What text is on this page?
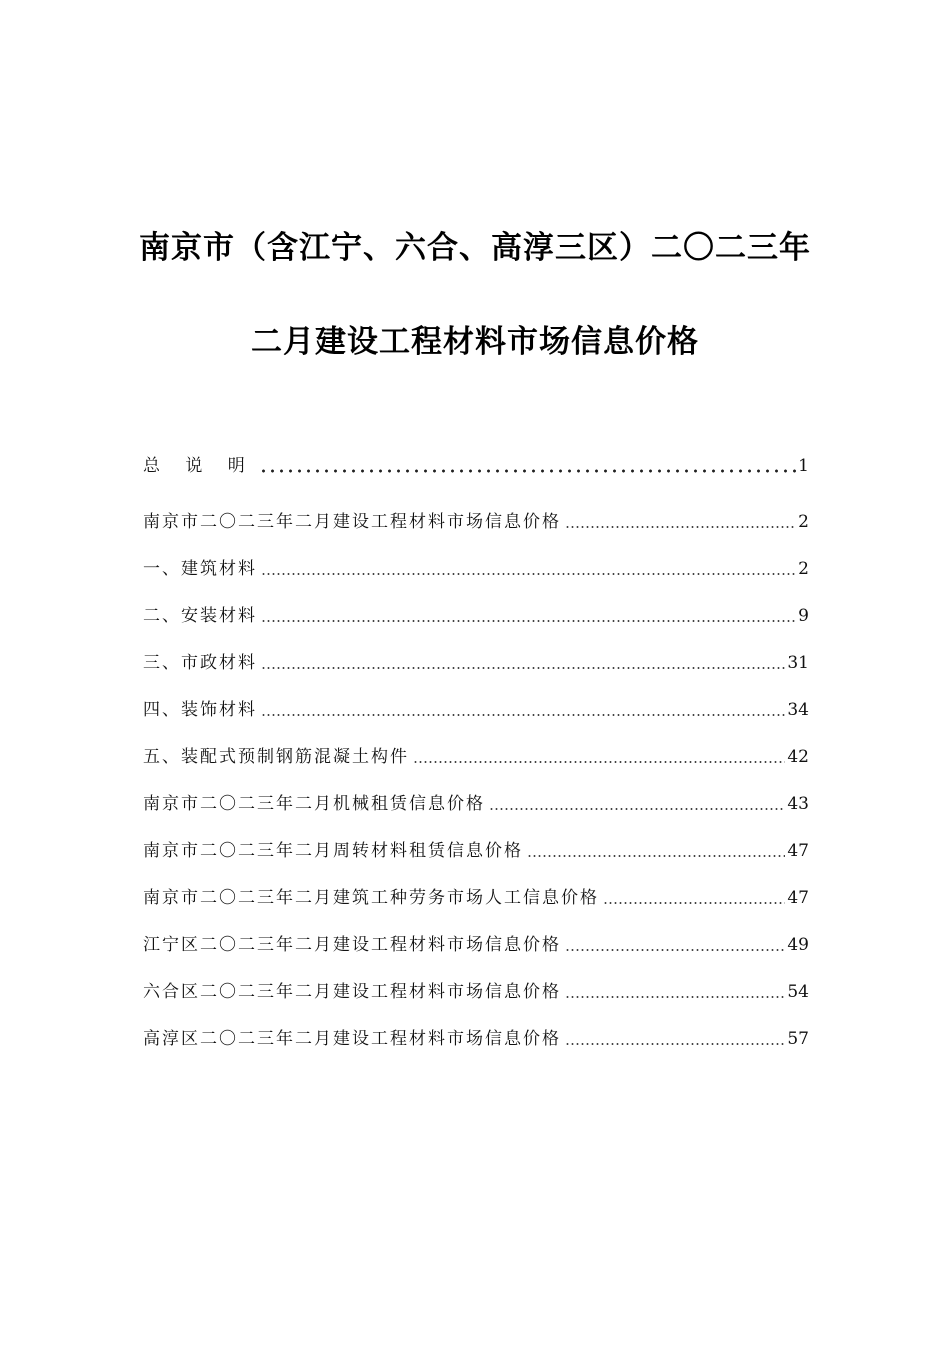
南京市（含江宁、六合、高淳三区）二〇二三年
二月建设工程材料市场信息价格
总 说 明	1
南京市二〇二三年二月建设工程材料市场信息价格	2
一、建筑材料	2
二、安装材料	9
三、市政材料	31
四、装饰材料	34
五、装配式预制钢筋混凝土构件	42
南京市二〇二三年二月机械租赁信息价格	43
南京市二〇二三年二月周转材料租赁信息价格	47
南京市二〇二三年二月建筑工种劳务市场人工信息价格	47
江宁区二〇二三年二月建设工程材料市场信息价格	49
六合区二〇二三年二月建设工程材料市场信息价格	54
高淳区二〇二三年二月建设工程材料市场信息价格	57
